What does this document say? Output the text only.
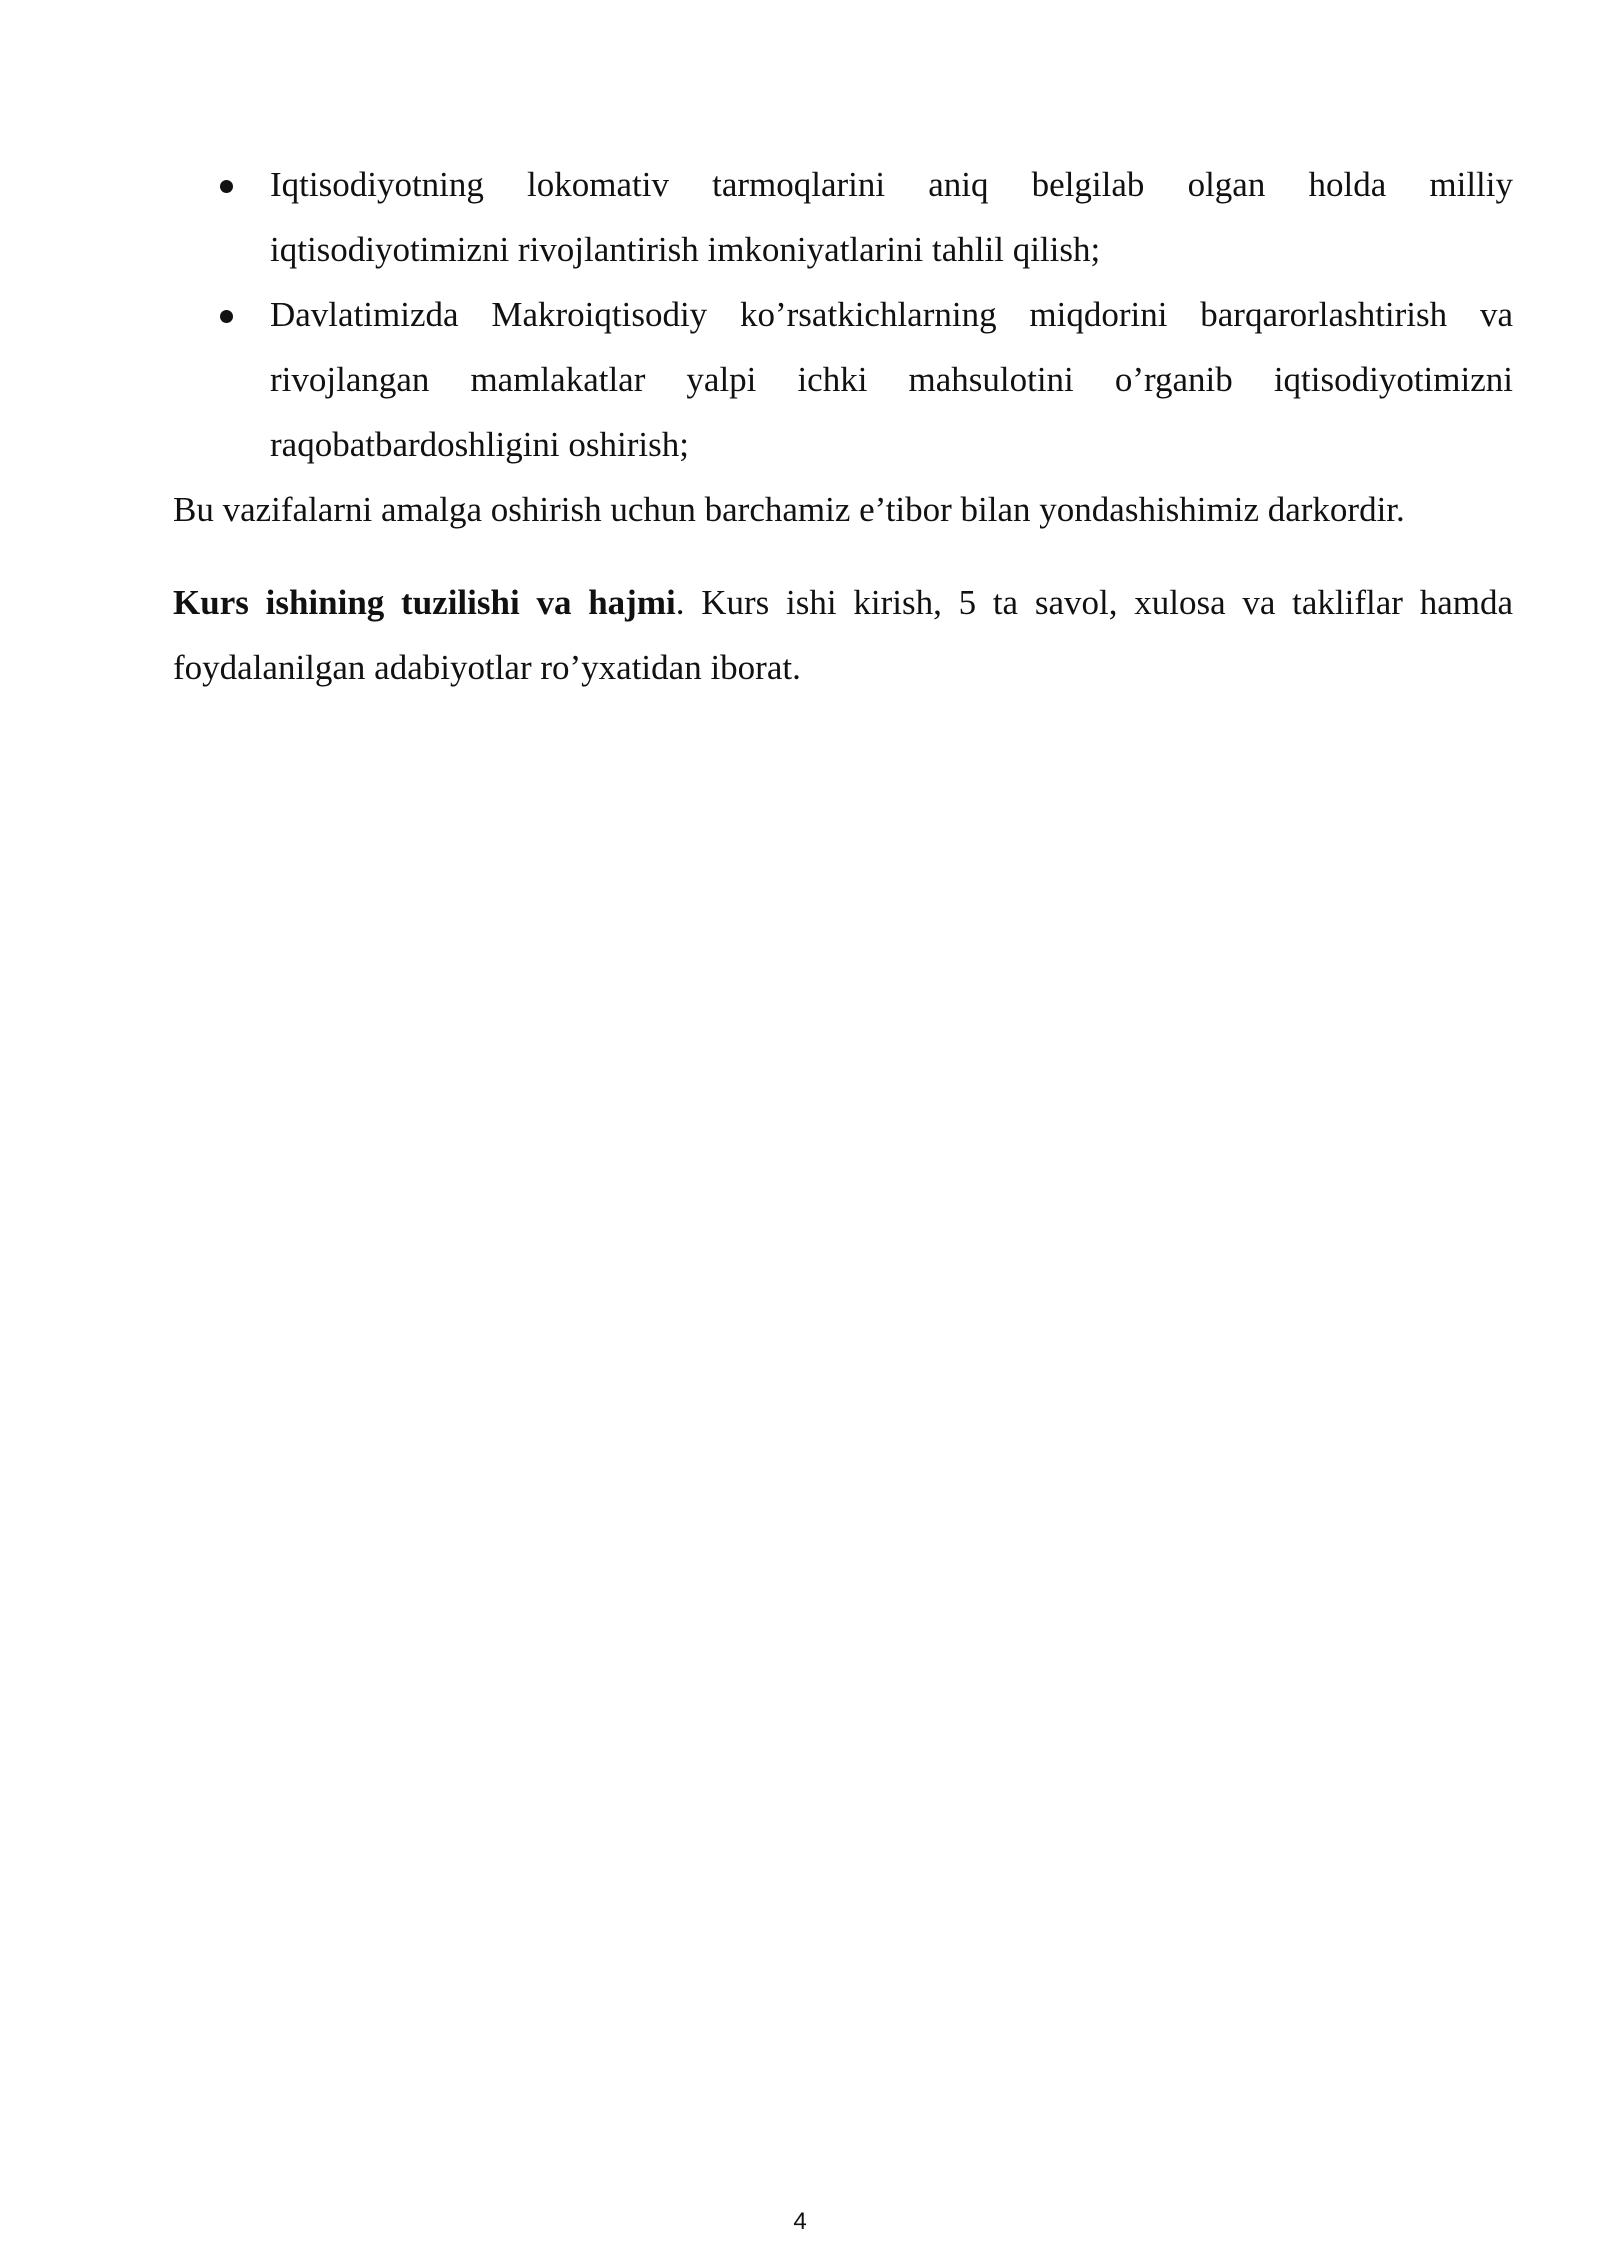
Iqtisodiyotning lokomativ tarmoqlarini aniq belgilab olgan holda milliy iqtisodiyotimizni rivojlantirish imkoniyatlarini tahlil qilish;
Davlatimizda Makroiqtisodiy ko’rsatkichlarning miqdorini barqarorlashtirish va rivojlangan mamlakatlar yalpi ichki mahsulotini o’rganib iqtisodiyotimizni raqobatbardoshligini oshirish;

Bu vazifalarni amalga oshirish uchun barchamiz e’tibor bilan yondashishimiz darkordir.

Kurs ishining tuzilishi va hajmi. Kurs ishi kirish, 5 ta savol, xulosa va takliflar hamda foydalanilgan adabiyotlar ro’yxatidan iborat.

4
